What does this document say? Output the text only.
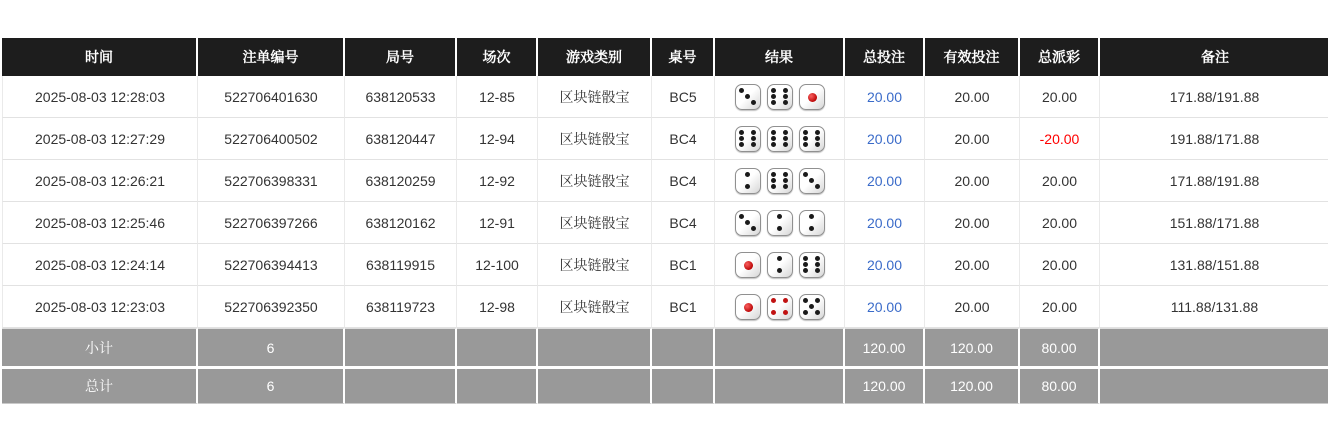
时间	注单编号	局号	场次	游戏类别	桌号	结果	总投注	有效投注	总派彩	备注
2025-08-03 12:28:03	522706401630	638120533	12-85	区块链骰宝	BC5		20.00	20.00	20.00	171.88/191.88
2025-08-03 12:27:29	522706400502	638120447	12-94	区块链骰宝	BC4		20.00	20.00	-20.00	191.88/171.88
2025-08-03 12:26:21	522706398331	638120259	12-92	区块链骰宝	BC4		20.00	20.00	20.00	171.88/191.88
2025-08-03 12:25:46	522706397266	638120162	12-91	区块链骰宝	BC4		20.00	20.00	20.00	151.88/171.88
2025-08-03 12:24:14	522706394413	638119915	12-100	区块链骰宝	BC1		20.00	20.00	20.00	131.88/151.88
2025-08-03 12:23:03	522706392350	638119723	12-98	区块链骰宝	BC1		20.00	20.00	20.00	111.88/131.88
小计	6						120.00	120.00	80.00	
总计	6						120.00	120.00	80.00	
